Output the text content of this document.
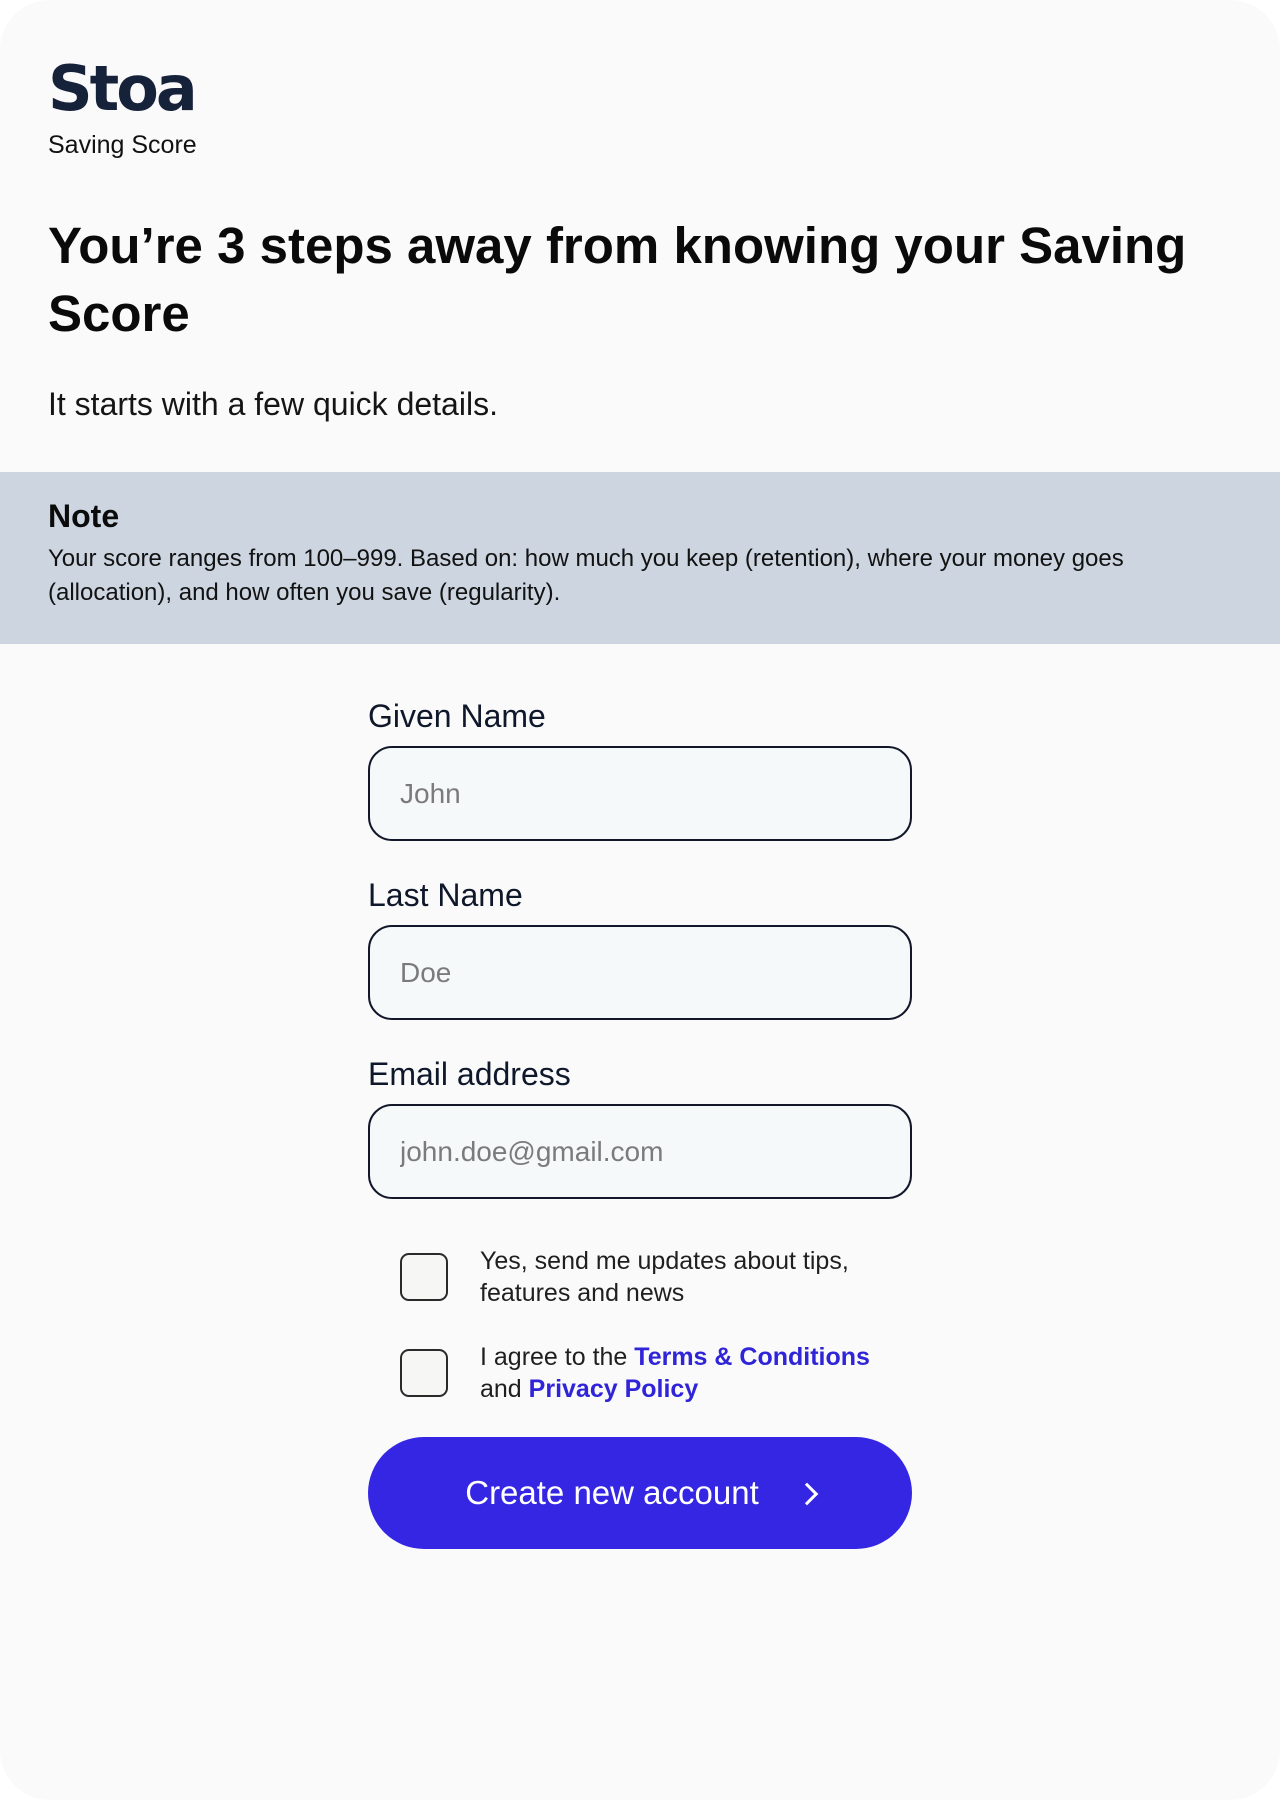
Stoa
Saving Score
You’re 3 steps away from knowing your Saving Score

It starts with a few quick details.

Note

Your score ranges from 100–999. Based on: how much you keep (retention), where your money goes (allocation), and how often you save (regularity).

Given Name
John
Last Name
Doe
Email address
john.doe@gmail.com
Yes, send me updates about tips, features and news
I agree to the Terms & Conditions
and Privacy Policy
Create new account
